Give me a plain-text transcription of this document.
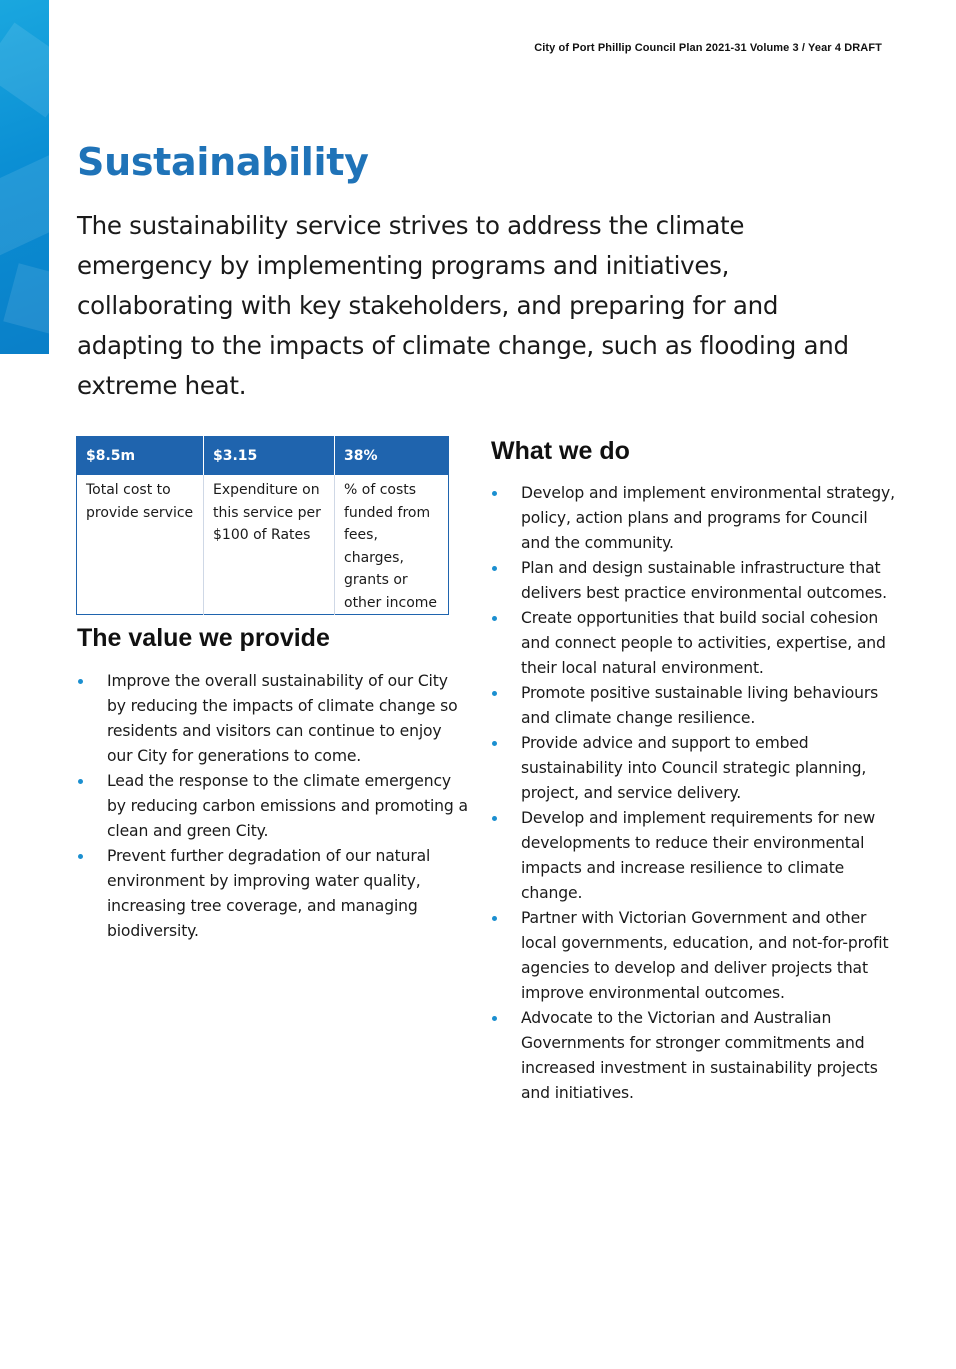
City of Port Phillip Council Plan 2021-31 Volume 3 / Year 4 DRAFT
Sustainability

The sustainability service strives to address the climate emergency by implementing programs and initiatives, collaborating with key stakeholders, and preparing for and adapting to the impacts of climate change, such as flooding and extreme heat.

$8.5m	$3.15	38%
Total cost to provide service	Expenditure on this service per $100 of Rates	% of costs funded from fees, charges, grants or other income
The value we provide
Improve the overall sustainability of our City by reducing the impacts of climate change so residents and visitors can continue to enjoy our City for generations to come.
Lead the response to the climate emergency by reducing carbon emissions and promoting a clean and green City.
Prevent further degradation of our natural environment by improving water quality, increasing tree coverage, and managing biodiversity.
What we do
Develop and implement environmental strategy, policy, action plans and programs for Council and the community.
Plan and design sustainable infrastructure that delivers best practice environmental outcomes.
Create opportunities that build social cohesion and connect people to activities, expertise, and their local natural environment.
Promote positive sustainable living behaviours and climate change resilience.
Provide advice and support to embed sustainability into Council strategic planning, project, and service delivery.
Develop and implement requirements for new developments to reduce their environmental impacts and increase resilience to climate change.
Partner with Victorian Government and other local governments, education, and not-for-profit agencies to develop and deliver projects that improve environmental outcomes.
Advocate to the Victorian and Australian Governments for stronger commitments and increased investment in sustainability projects and initiatives.
